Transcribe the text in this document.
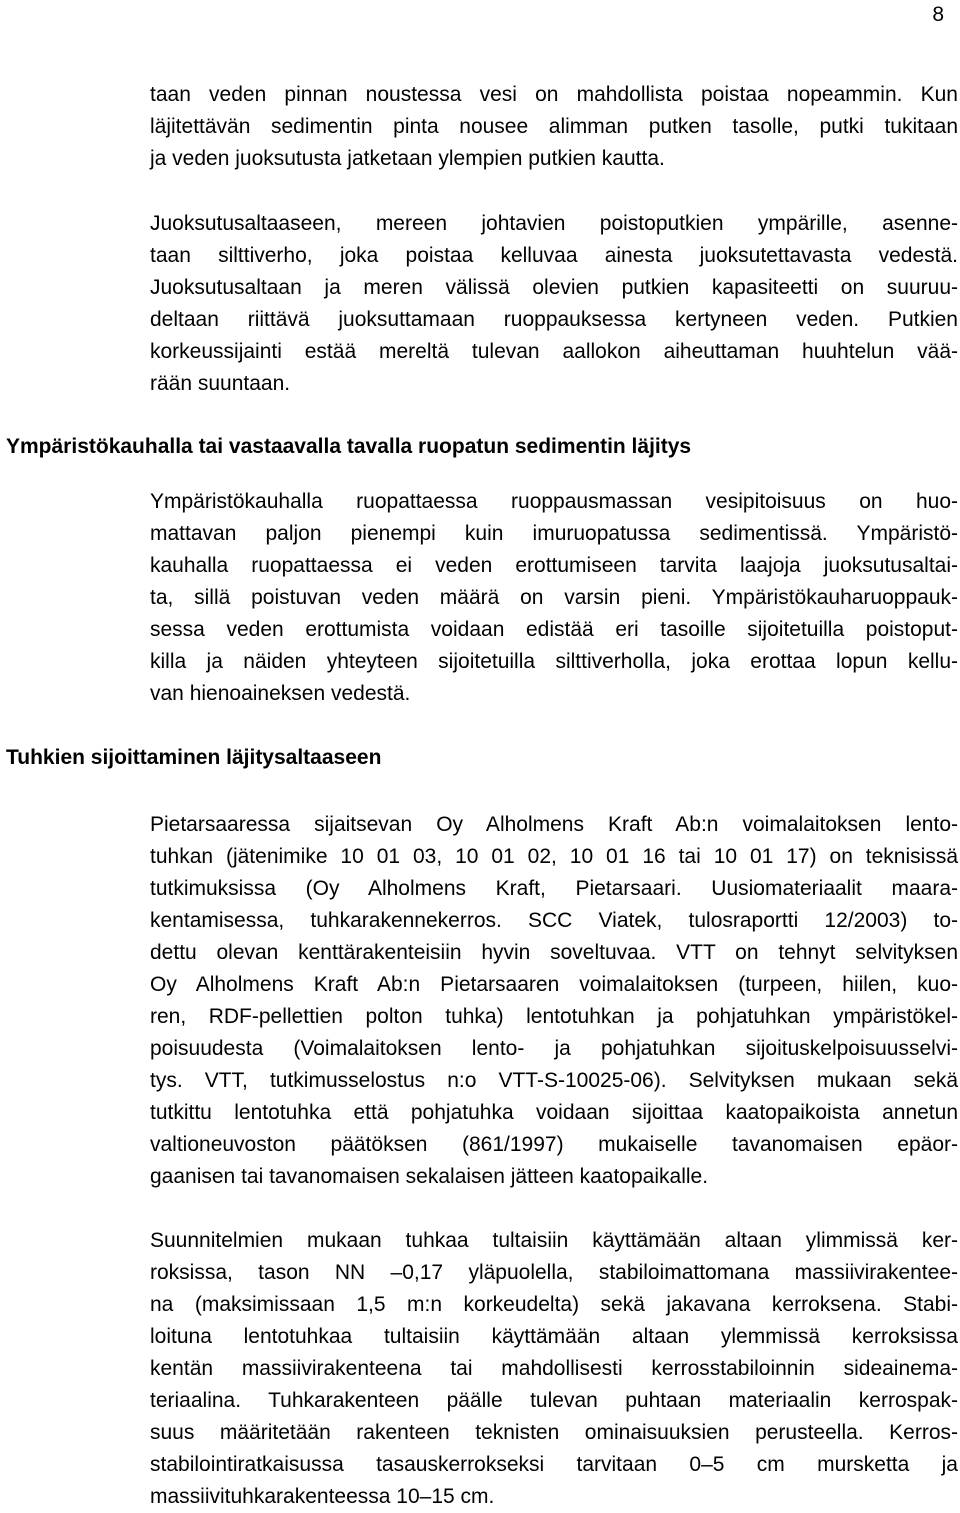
8
taan veden pinnan noustessa vesi on mahdollista poistaa nopeammin. Kun
läjitettävän sedimentin pinta nousee alimman putken tasolle, putki tukitaan
ja veden juoksutusta jatketaan ylempien putkien kautta.
Juoksutusaltaaseen, mereen johtavien poistoputkien ympärille, asenne-
taan silttiverho, joka poistaa kelluvaa ainesta juoksutettavasta vedestä.
Juoksutusaltaan ja meren välissä olevien putkien kapasiteetti on suuruu-
deltaan riittävä juoksuttamaan ruoppauksessa kertyneen veden. Putkien
korkeussijainti estää mereltä tulevan aallokon aiheuttaman huuhtelun vää-
rään suuntaan.
Ympäristökauhalla tai vastaavalla tavalla ruopatun sedimentin läjitys
Ympäristökauhalla ruopattaessa ruoppausmassan vesipitoisuus on huo-
mattavan paljon pienempi kuin imuruopatussa sedimentissä. Ympäristö-
kauhalla ruopattaessa ei veden erottumiseen tarvita laajoja juoksutusaltai-
ta, sillä poistuvan veden määrä on varsin pieni. Ympäristökauharuoppauk-
sessa veden erottumista voidaan edistää eri tasoille sijoitetuilla poistoput-
killa ja näiden yhteyteen sijoitetuilla silttiverholla, joka erottaa lopun kellu-
van hienoaineksen vedestä.
Tuhkien sijoittaminen läjitysaltaaseen
Pietarsaaressa sijaitsevan Oy Alholmens Kraft Ab:n voimalaitoksen lento-
tuhkan (jätenimike 10 01 03, 10 01 02, 10 01 16 tai 10 01 17) on teknisissä
tutkimuksissa (Oy Alholmens Kraft, Pietarsaari. Uusiomateriaalit maara-
kentamisessa, tuhkarakennekerros. SCC Viatek, tulosraportti 12/2003) to-
dettu olevan kenttärakenteisiin hyvin soveltuvaa. VTT on tehnyt selvityksen
Oy Alholmens Kraft Ab:n Pietarsaaren voimalaitoksen (turpeen, hiilen, kuo-
ren, RDF-pellettien polton tuhka) lentotuhkan ja pohjatuhkan ympäristökel-
poisuudesta (Voimalaitoksen lento- ja pohjatuhkan sijoituskelpoisuusselvi-
tys. VTT, tutkimusselostus n:o VTT-S-10025-06). Selvityksen mukaan sekä
tutkittu lentotuhka että pohjatuhka voidaan sijoittaa kaatopaikoista annetun
valtioneuvoston päätöksen (861/1997) mukaiselle tavanomaisen epäor-
gaanisen tai tavanomaisen sekalaisen jätteen kaatopaikalle.
Suunnitelmien mukaan tuhkaa tultaisiin käyttämään altaan ylimmissä ker-
roksissa, tason NN –0,17 yläpuolella, stabiloimattomana massiivirakentee-
na (maksimissaan 1,5 m:n korkeudelta) sekä jakavana kerroksena. Stabi-
loituna lentotuhkaa tultaisiin käyttämään altaan ylemmissä kerroksissa
kentän massiivirakenteena tai mahdollisesti kerrosstabiloinnin sideainema-
teriaalina. Tuhkarakenteen päälle tulevan puhtaan materiaalin kerrospak-
suus määritetään rakenteen teknisten ominaisuuksien perusteella. Kerros-
stabilointiratkaisussa tasauskerrokseksi tarvitaan 0–5 cm murskettа ja
massiivituhkarakenteessa 10–15 cm.
